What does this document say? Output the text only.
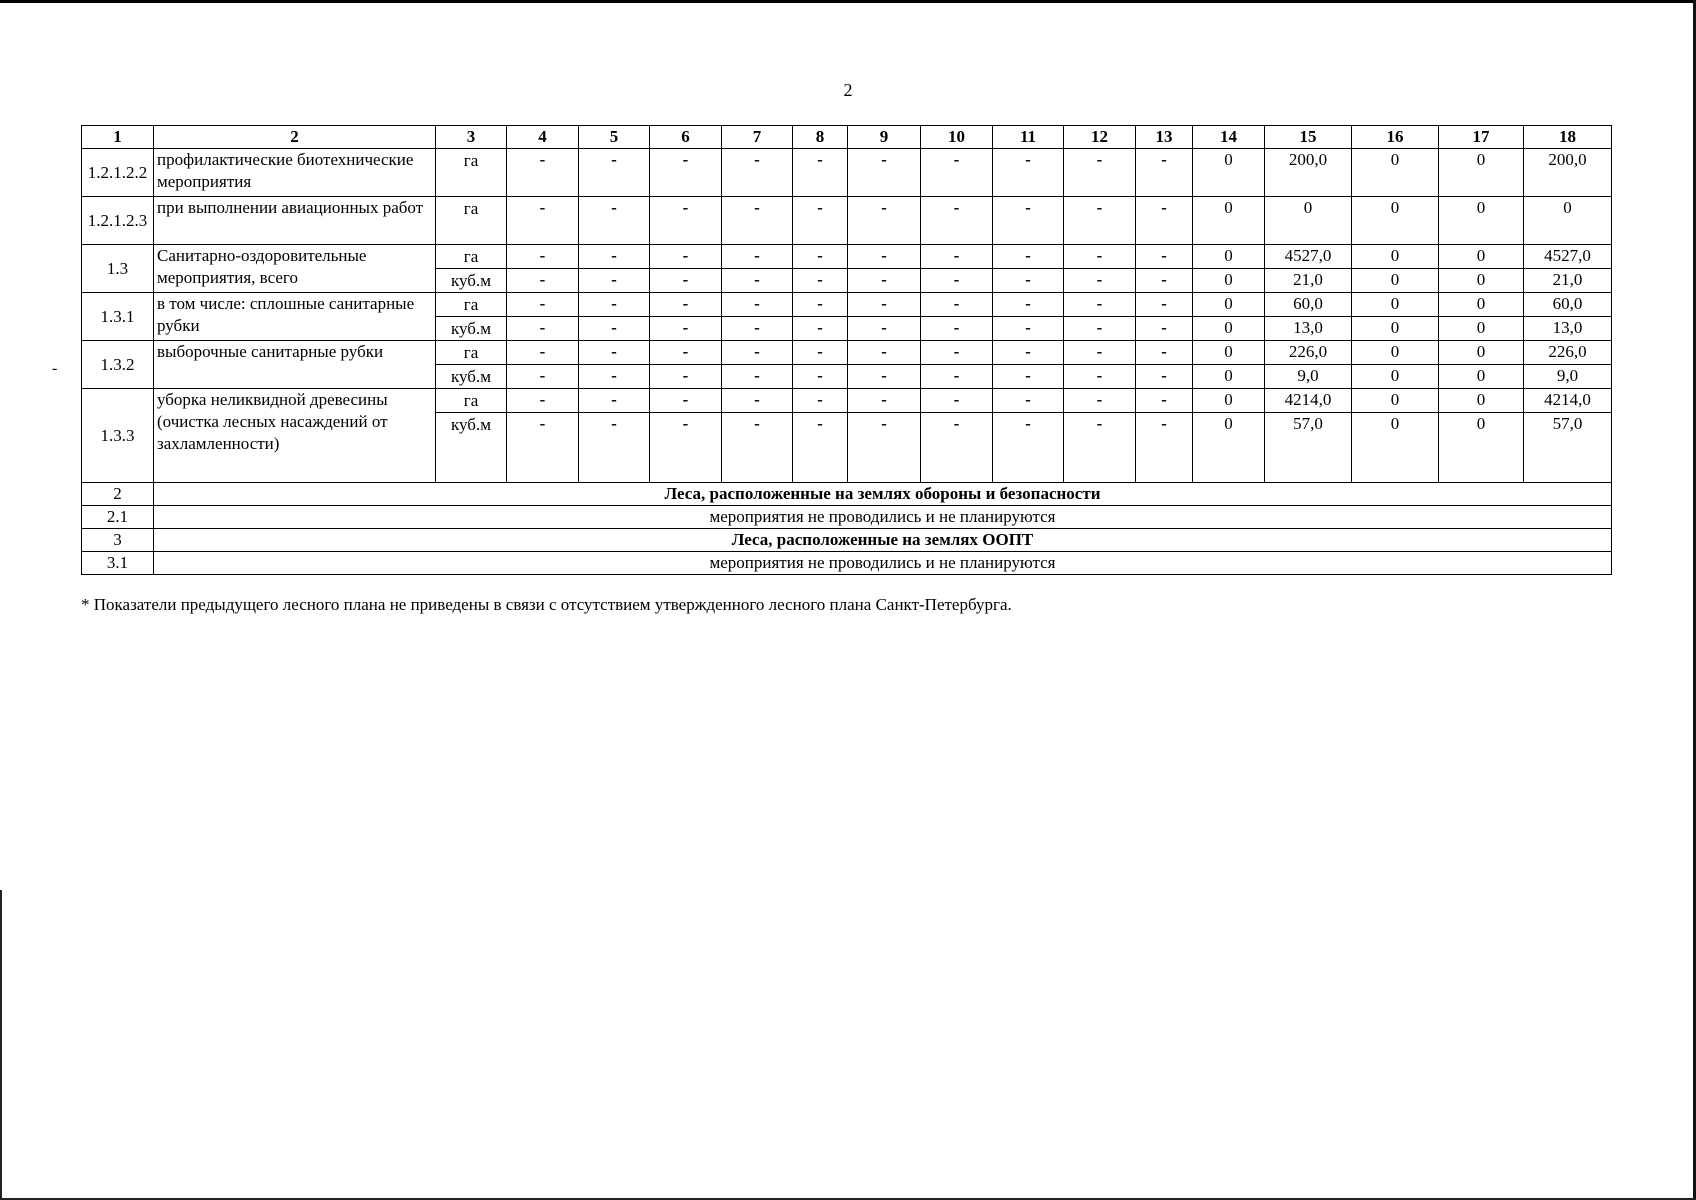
2
-
1	2	3	4	5	6	7	8	9	10	11	12	13	14	15	16	17	18
1.2.1.2.2	профилактические биотехнические мероприятия	га	-	-	-	-	-	-	-	-	-	-	0	200,0	0	0	200,0
1.2.1.2.3	при выполнении авиационных работ	га	-	-	-	-	-	-	-	-	-	-	0	0	0	0	0
1.3	Санитарно-оздоровительные мероприятия, всего	га	-	-	-	-	-	-	-	-	-	-	0	4527,0	0	0	4527,0
		куб.м	-	-	-	-	-	-	-	-	-	-	0	21,0	0	0	21,0
1.3.1	в том числе: сплошные санитарные рубки	га	-	-	-	-	-	-	-	-	-	-	0	60,0	0	0	60,0
		куб.м	-	-	-	-	-	-	-	-	-	-	0	13,0	0	0	13,0
1.3.2	выборочные санитарные рубки	га	-	-	-	-	-	-	-	-	-	-	0	226,0	0	0	226,0
		куб.м	-	-	-	-	-	-	-	-	-	-	0	9,0	0	0	9,0
1.3.3	уборка неликвидной древесины (очистка лесных насаждений от захламленности)	га	-	-	-	-	-	-	-	-	-	-	0	4214,0	0	0	4214,0
		куб.м	-	-	-	-	-	-	-	-	-	-	0	57,0	0	0	57,0
2	Леса, расположенные на землях обороны и безопасности																
2.1	мероприятия не проводились и не планируются																
3	Леса, расположенные на землях ООПТ																
3.1	мероприятия не проводились и не планируются																
* Показатели предыдущего лесного плана не приведены в связи с отсутствием утвержденного лесного плана Санкт-Петербурга.
